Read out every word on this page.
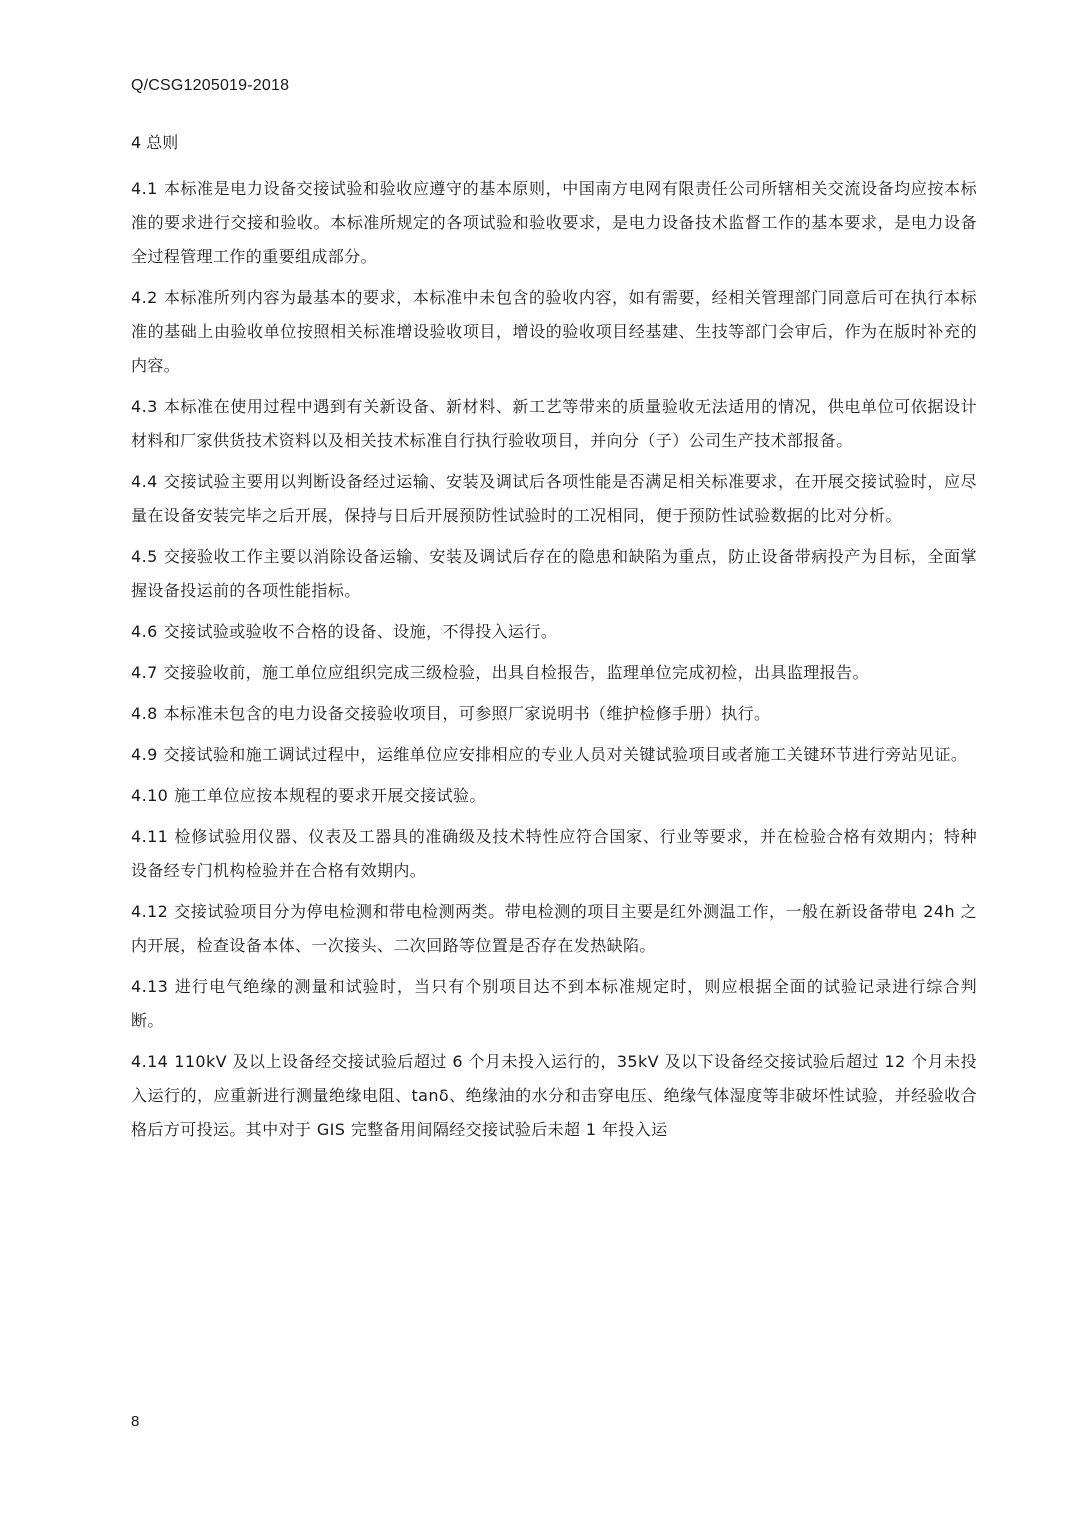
Q/CSG1205019-2018
4 总则

4.1 本标准是电力设备交接试验和验收应遵守的基本原则，中国南方电网有限责任公司所辖相关交流设备均应按本标准的要求进行交接和验收。本标准所规定的各项试验和验收要求，是电力设备技术监督工作的基本要求，是电力设备全过程管理工作的重要组成部分。

4.2 本标准所列内容为最基本的要求，本标准中未包含的验收内容，如有需要，经相关管理部门同意后可在执行本标准的基础上由验收单位按照相关标准增设验收项目，增设的验收项目经基建、生技等部门会审后，作为在版时补充的内容。

4.3 本标准在使用过程中遇到有关新设备、新材料、新工艺等带来的质量验收无法适用的情况，供电单位可依据设计材料和厂家供货技术资料以及相关技术标准自行执行验收项目，并向分（子）公司生产技术部报备。

4.4 交接试验主要用以判断设备经过运输、安装及调试后各项性能是否满足相关标准要求，在开展交接试验时，应尽量在设备安装完毕之后开展，保持与日后开展预防性试验时的工况相同，便于预防性试验数据的比对分析。

4.5 交接验收工作主要以消除设备运输、安装及调试后存在的隐患和缺陷为重点，防止设备带病投产为目标，全面掌握设备投运前的各项性能指标。

4.6 交接试验或验收不合格的设备、设施，不得投入运行。

4.7 交接验收前，施工单位应组织完成三级检验，出具自检报告，监理单位完成初检，出具监理报告。

4.8 本标准未包含的电力设备交接验收项目，可参照厂家说明书（维护检修手册）执行。

4.9 交接试验和施工调试过程中，运维单位应安排相应的专业人员对关键试验项目或者施工关键环节进行旁站见证。

4.10 施工单位应按本规程的要求开展交接试验。

4.11 检修试验用仪器、仪表及工器具的准确级及技术特性应符合国家、行业等要求，并在检验合格有效期内；特种设备经专门机构检验并在合格有效期内。

4.12 交接试验项目分为停电检测和带电检测两类。带电检测的项目主要是红外测温工作，一般在新设备带电 24h 之内开展，检查设备本体、一次接头、二次回路等位置是否存在发热缺陷。

4.13 进行电气绝缘的测量和试验时，当只有个别项目达不到本标准规定时，则应根据全面的试验记录进行综合判断。

4.14 110kV 及以上设备经交接试验后超过 6 个月未投入运行的，35kV 及以下设备经交接试验后超过 12 个月未投入运行的，应重新进行测量绝缘电阻、tanδ、绝缘油的水分和击穿电压、绝缘气体湿度等非破坏性试验，并经验收合格后方可投运。其中对于 GIS 完整备用间隔经交接试验后未超 1 年投入运

8
